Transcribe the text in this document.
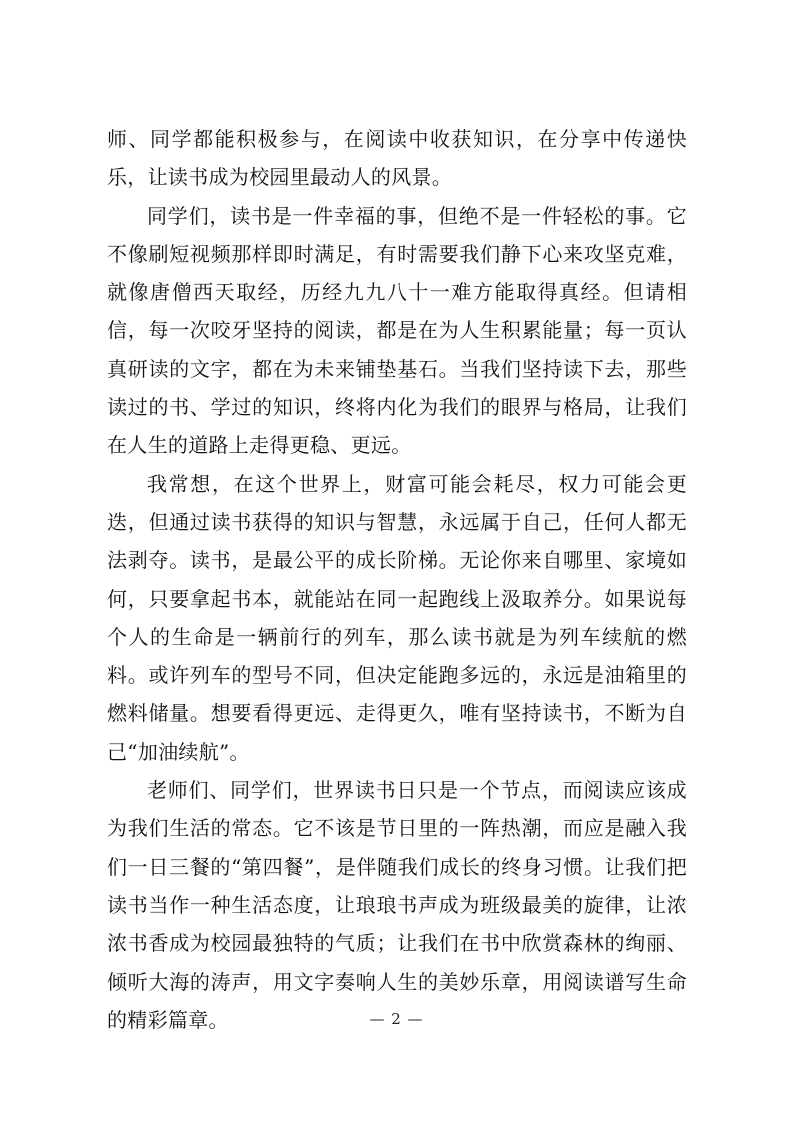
师、同学都能积极参与，在阅读中收获知识，在分享中传递快乐，让读书成为校园里最动人的风景。

同学们，读书是一件幸福的事，但绝不是一件轻松的事。它不像刷短视频那样即时满足，有时需要我们静下心来攻坚克难，就像唐僧西天取经，历经九九八十一难方能取得真经。但请相信，每一次咬牙坚持的阅读，都是在为人生积累能量；每一页认真研读的文字，都在为未来铺垫基石。当我们坚持读下去，那些读过的书、学过的知识，终将内化为我们的眼界与格局，让我们在人生的道路上走得更稳、更远。

我常想，在这个世界上，财富可能会耗尽，权力可能会更迭，但通过读书获得的知识与智慧，永远属于自己，任何人都无法剥夺。读书，是最公平的成长阶梯。无论你来自哪里、家境如何，只要拿起书本，就能站在同一起跑线上汲取养分。如果说每个人的生命是一辆前行的列车，那么读书就是为列车续航的燃料。或许列车的型号不同，但决定能跑多远的，永远是油箱里的燃料储量。想要看得更远、走得更久，唯有坚持读书，不断为自己“加油续航”。

老师们、同学们，世界读书日只是一个节点，而阅读应该成为我们生活的常态。它不该是节日里的一阵热潮，而应是融入我们一日三餐的“第四餐”，是伴随我们成长的终身习惯。让我们把读书当作一种生活态度，让琅琅书声成为班级最美的旋律，让浓浓书香成为校园最独特的气质；让我们在书中欣赏森林的绚丽、倾听大海的涛声，用文字奏响人生的美妙乐章，用阅读谱写生命的精彩篇章。	— 2 —
